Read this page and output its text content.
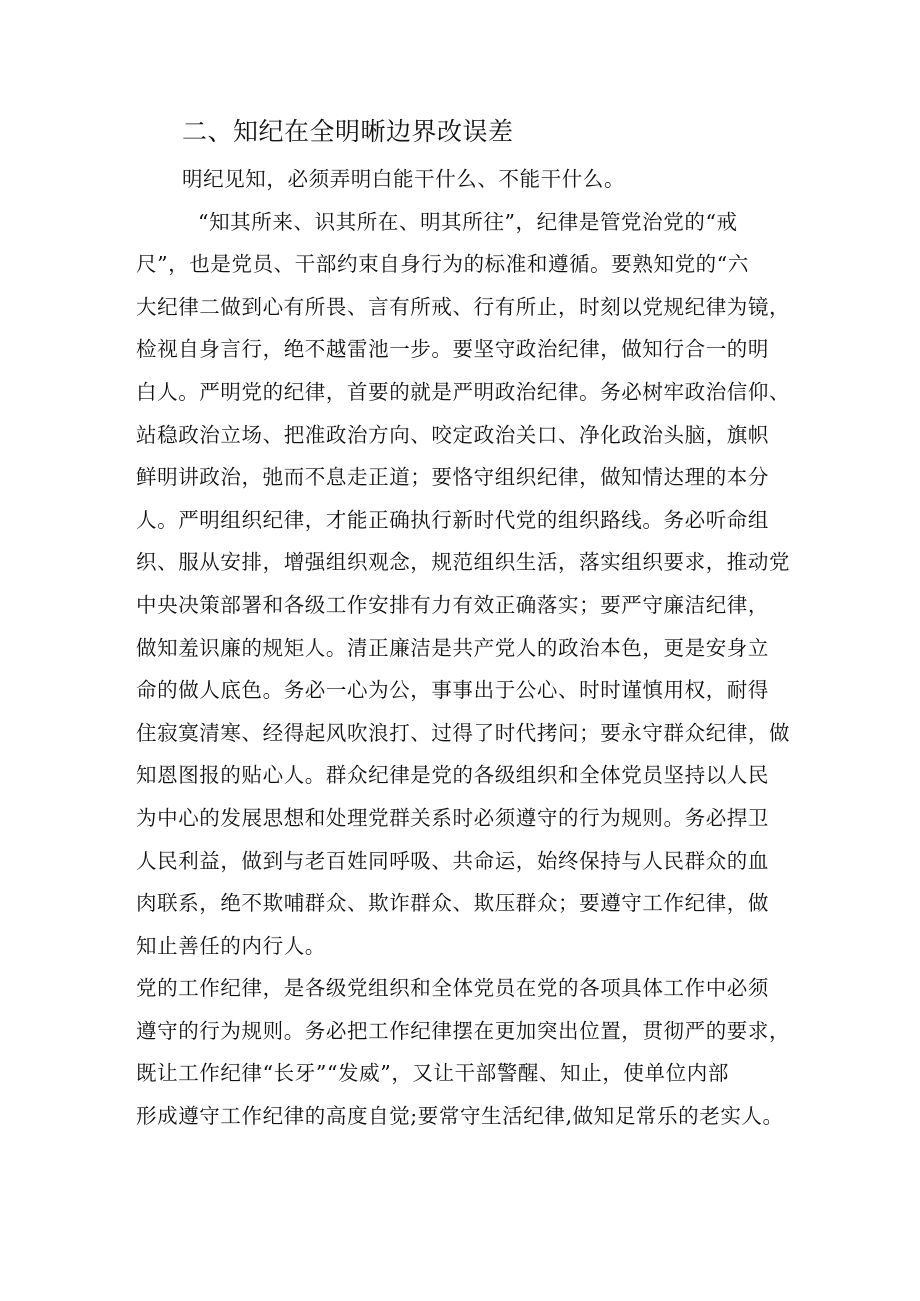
二、知纪在全明晰边界改误差
明纪见知，必须弄明白能干什么、不能干什么。
“知其所来、识其所在、明其所往”，纪律是管党治党的“戒
尺”，也是党员、干部约束自身行为的标准和遵循。要熟知党的“六
大纪律二做到心有所畏、言有所戒、行有所止，时刻以党规纪律为镜，
检视自身言行，绝不越雷池一步。要坚守政治纪律，做知行合一的明
白人。严明党的纪律，首要的就是严明政治纪律。务必树牢政治信仰、
站稳政治立场、把准政治方向、咬定政治关口、净化政治头脑，旗帜
鲜明讲政治，弛而不息走正道；要恪守组织纪律，做知情达理的本分
人。严明组织纪律，才能正确执行新时代党的组织路线。务必听命组
织、服从安排，增强组织观念，规范组织生活，落实组织要求，推动党
中央决策部署和各级工作安排有力有效正确落实；要严守廉洁纪律，
做知羞识廉的规矩人。清正廉洁是共产党人的政治本色，更是安身立
命的做人底色。务必一心为公，事事出于公心、时时谨慎用权，耐得
住寂寞清寒、经得起风吹浪打、过得了时代拷问；要永守群众纪律，做
知恩图报的贴心人。群众纪律是党的各级组织和全体党员坚持以人民
为中心的发展思想和处理党群关系时必须遵守的行为规则。务必捍卫
人民利益，做到与老百姓同呼吸、共命运，始终保持与人民群众的血
肉联系，绝不欺哺群众、欺诈群众、欺压群众；要遵守工作纪律，做
知止善任的内行人。
党的工作纪律，是各级党组织和全体党员在党的各项具体工作中必须
遵守的行为规则。务必把工作纪律摆在更加突出位置，贯彻严的要求，
既让工作纪律“长牙”“发威”，又让干部警醒、知止，使单位内部
形成遵守工作纪律的高度自觉;要常守生活纪律,做知足常乐的老实人。
